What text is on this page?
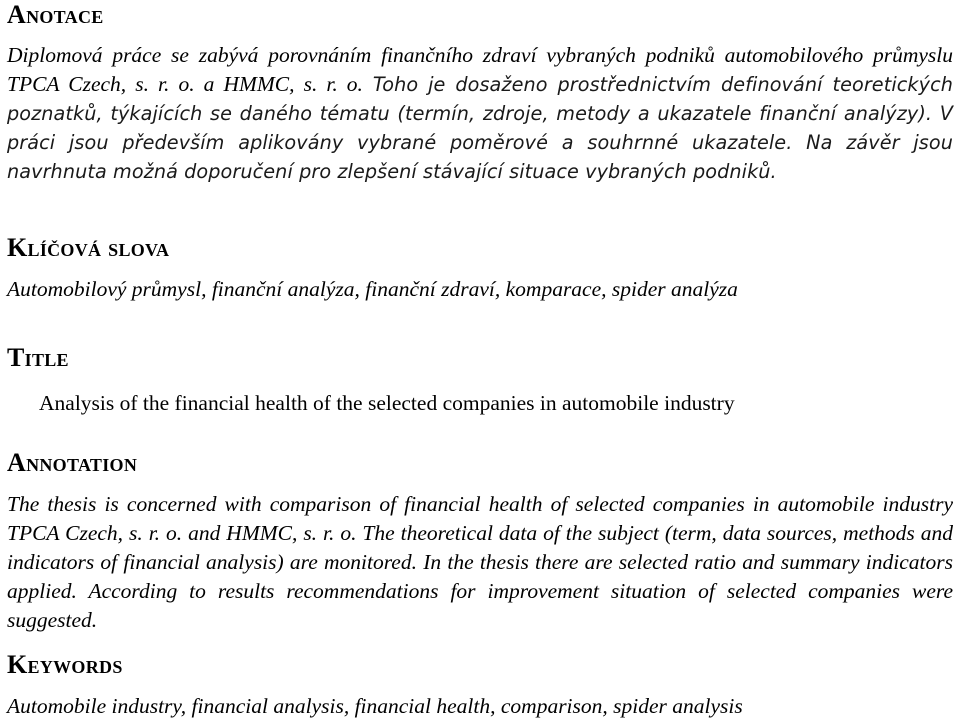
Anotace

Diplomová práce se zabývá porovnáním finančního zdraví vybraných podniků automobilového průmyslu TPCA Czech, s. r. o. a HMMC, s. r. o. Toho je dosaženo prostřednictvím definování teoretických poznatků, týkajících se daného tématu (termín, zdroje, metody a ukazatele finanční analýzy). V práci jsou především aplikovány vybrané poměrové a souhrnné ukazatele. Na závěr jsou navrhnuta možná doporučení pro zlepšení stávající situace vybraných podniků.

Klíčová slova

Automobilový průmysl, finanční analýza, finanční zdraví, komparace, spider analýza

Title

Analysis of the financial health of the selected companies in automobile industry

Annotation

The thesis is concerned with comparison of financial health of selected companies in automobile industry TPCA Czech, s. r. o. and HMMC, s. r. o. The theoretical data of the subject (term, data sources, methods and indicators of financial analysis) are monitored. In the thesis there are selected ratio and summary indicators applied. According to results recommendations for improvement situation of selected companies were suggested.

Keywords

Automobile industry, financial analysis, financial health, comparison, spider analysis
